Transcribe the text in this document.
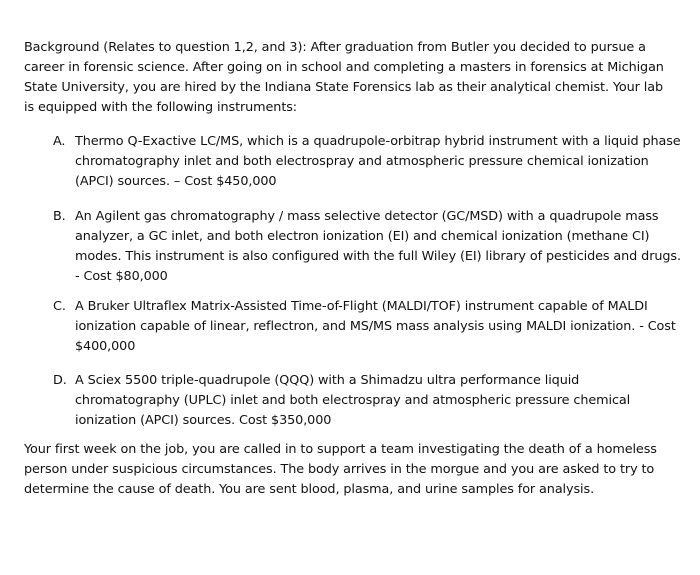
Background (Relates to question 1,2, and 3): After graduation from Butler you decided to pursue a career in forensic science. After going on in school and completing a masters in forensics at Michigan State University, you are hired by the Indiana State Forensics lab as their analytical chemist. Your lab is equipped with the following instruments:

A. Thermo Q-Exactive LC/MS, which is a quadrupole-orbitrap hybrid instrument with a liquid phase chromatography inlet and both electrospray and atmospheric pressure chemical ionization (APCI) sources. – Cost $450,000
B. An Agilent gas chromatography / mass selective detector (GC/MSD) with a quadrupole mass analyzer, a GC inlet, and both electron ionization (EI) and chemical ionization (methane CI) modes. This instrument is also configured with the full Wiley (EI) library of pesticides and drugs. - Cost $80,000
C. A Bruker Ultraflex Matrix-Assisted Time-of-Flight (MALDI/TOF) instrument capable of MALDI ionization capable of linear, reflectron, and MS/MS mass analysis using MALDI ionization. - Cost $400,000
D. A Sciex 5500 triple-quadrupole (QQQ) with a Shimadzu ultra performance liquid chromatography (UPLC) inlet and both electrospray and atmospheric pressure chemical ionization (APCI) sources. Cost $350,000

Your first week on the job, you are called in to support a team investigating the death of a homeless person under suspicious circumstances. The body arrives in the morgue and you are asked to try to determine the cause of death. You are sent blood, plasma, and urine samples for analysis.
